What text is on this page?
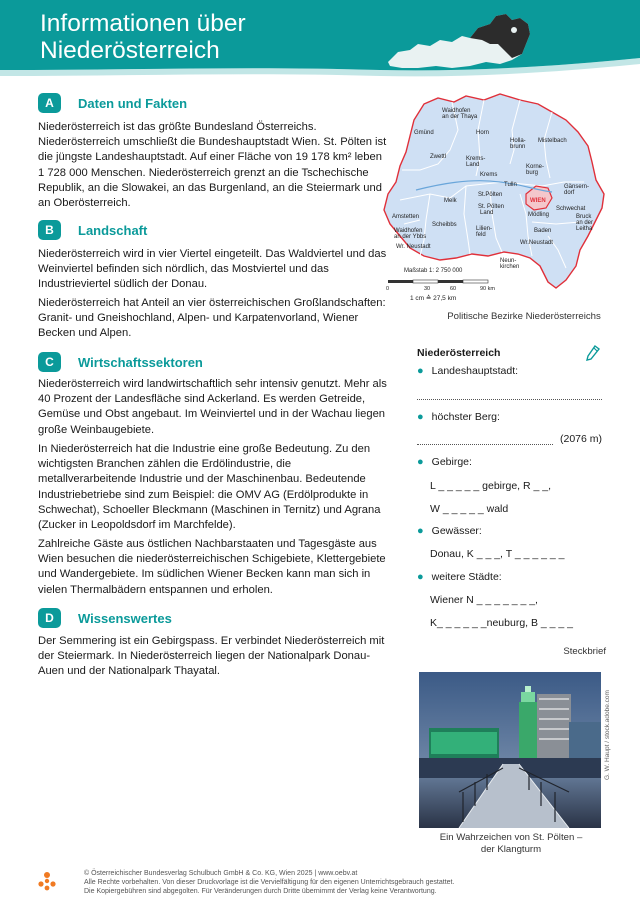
Informationen über
Niederösterreich
A	Daten und Fakten

Niederösterreich ist das größte Bundesland Österreichs. Niederösterreich umschließt die Bundeshauptstadt Wien. St. Pölten ist die jüngste Landeshauptstadt. Auf einer Fläche von 19 178 km² leben 1 728 000 Menschen. Niederösterreich grenzt an die Tschechische Republik, an die Slowakei, an das Burgenland, an die Steiermark und an Oberösterreich.

B	Landschaft

Niederösterreich wird in vier Viertel eingeteilt. Das Waldviertel und das Weinviertel befinden sich nördlich, das Mostviertel und das Industrieviertel südlich der Donau.

Niederösterreich hat Anteil an vier österreichischen Großlandschaften: Granit- und Gneishochland, Alpen- und Karpatenvorland, Wiener Becken und Alpen.

C	Wirtschaftssektoren

Niederösterreich wird landwirtschaftlich sehr intensiv genutzt. Mehr als 40 Prozent der Landesfläche sind Ackerland. Es werden Getreide, Gemüse und Obst angebaut. Im Weinviertel und in der Wachau liegen große Weinbaugebiete.

In Niederösterreich hat die Industrie eine große Bedeutung. Zu den wichtigsten Branchen zählen die Erdölindustrie, die metallverarbeitende Industrie und der Maschinenbau. Bedeutende Industriebetriebe sind zum Beispiel: die OMV AG (Erdölprodukte in Schwechat), Schoeller Bleckmann (Maschinen in Ternitz) und Agrana (Zucker in Leopoldsdorf im Marchfelde).

Zahlreiche Gäste aus östlichen Nachbarstaaten und Tagesgäste aus Wien besuchen die niederösterreichischen Schigebiete, Klettergebiete und Wandergebiete. Im südlichen Wiener Becken kann man sich in vielen Thermalbädern entspannen und erholen.

D	Wissenswertes

Der Semmering ist ein Gebirgspass. Er verbindet Niederösterreich mit der Steiermark. In Niederösterreich liegen der Nationalpark Donau-Auen und der Nationalpark Thayatal.

Waidhofen
an der Thaya
Gmünd	Horn
Holla-
brunn
Mistelbach
Zwettl	Krems-
Land
Krems
Korne-
burg
Gänsern-
dorf
Tulln
WIEN
Melk
St.Pölten
St. Pölten
Land	Mödling
Schwechat
Bruck
an der
Leitha
Amstetten
Scheibbs
Lilien-
feld
Baden
Wr.Neustadt
Waidhofen
an der Ybbs
Wr. Neustadt
Neun-
kirchen
Maßstab 1: 2 750 000
0	30	60	90 km
1 cm ≙ 27,5 km
Politische Bezirke Niederösterreichs
Niederösterreich
● Landeshauptstadt:
● höchster Berg:
(2076 m)
● Gebirge:
L _ _ _ _ _ gebirge, R _ _,
W _ _ _ _ _ wald
● Gewässer:
Donau, K _ _ _, T _ _ _ _ _ _
● weitere Städte:
Wiener N _ _ _ _ _ _ _,
K_ _ _ _ _ _neuburg, B _ _ _ _
Steckbrief
G. W. Haupt / stock.adobe.com
Ein Wahrzeichen von St. Pölten –
der Klangturm
© Österreichischer Bundesverlag Schulbuch GmbH & Co. KG, Wien 2025 | www.oebv.at
Alle Rechte vorbehalten. Von dieser Druckvorlage ist die Vervielfältigung für den eigenen Unterrichtsgebrauch gestattet.
Die Kopiergebühren sind abgegolten. Für Veränderungen durch Dritte übernimmt der Verlag keine Verantwortung.
